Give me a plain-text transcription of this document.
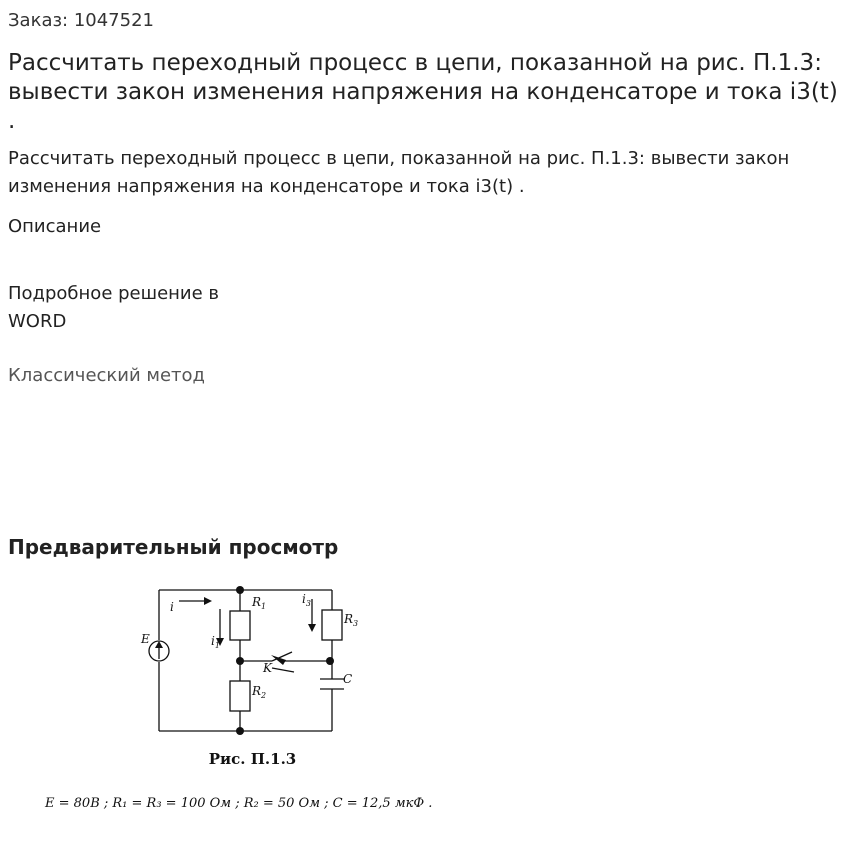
Заказ: 1047521
Рассчитать переходный процесс в цепи, показанной на рис. П.1.3: вывести закон изменения напряжения на конденсаторе и тока i3(t) .
Рассчитать переходный процесс в цепи, показанной на рис. П.1.3: вывести закон изменения напряжения на конденсаторе и тока i3(t) .
Описание
Подробное решение в WORD
Классический метод
Предварительный просмотр
$R_1$
$R_2$
$R_3$
C
K
E
i
$i_1$
$i_3$
Рис. П.1.3
E = 80B ; R₁ = R₃ = 100 Ом ; R₂ = 50 Ом ; C = 12,5 мкФ .
